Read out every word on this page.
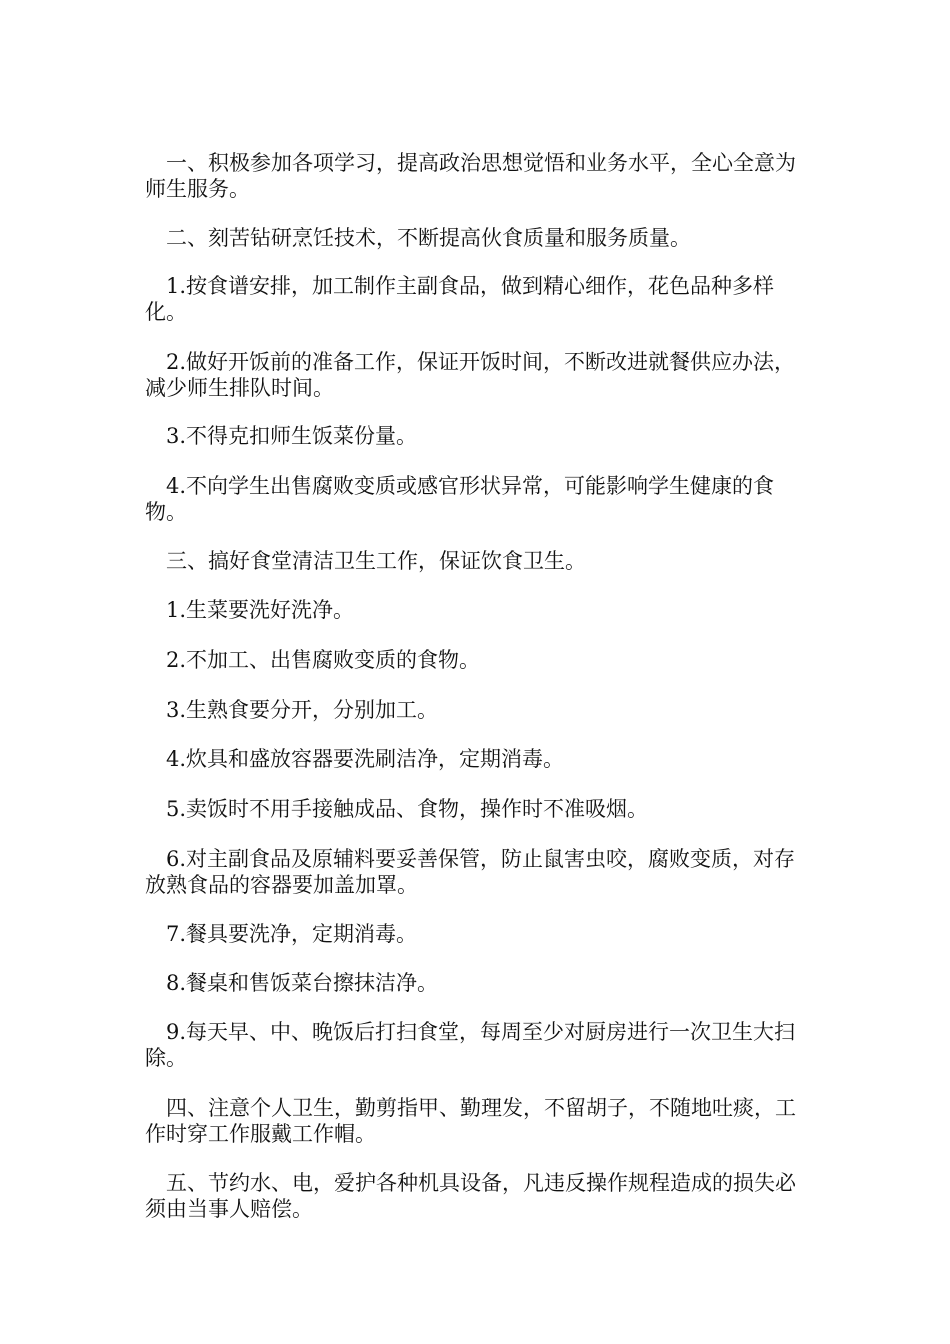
一、积极参加各项学习，提高政治思想觉悟和业务水平，全心全意为师生服务。

二、刻苦钻研烹饪技术，不断提高伙食质量和服务质量。

1.按食谱安排，加工制作主副食品，做到精心细作，花色品种多样化。

2.做好开饭前的准备工作，保证开饭时间，不断改进就餐供应办法，减少师生排队时间。

3.不得克扣师生饭菜份量。

4.不向学生出售腐败变质或感官形状异常，可能影响学生健康的食物。

三、搞好食堂清洁卫生工作，保证饮食卫生。

1.生菜要洗好洗净。

2.不加工、出售腐败变质的食物。

3.生熟食要分开，分别加工。

4.炊具和盛放容器要洗刷洁净，定期消毒。

5.卖饭时不用手接触成品、食物，操作时不准吸烟。

6.对主副食品及原辅料要妥善保管，防止鼠害虫咬，腐败变质，对存放熟食品的容器要加盖加罩。

7.餐具要洗净，定期消毒。

8.餐桌和售饭菜台擦抹洁净。

9.每天早、中、晚饭后打扫食堂，每周至少对厨房进行一次卫生大扫除。

四、注意个人卫生，勤剪指甲、勤理发，不留胡子，不随地吐痰，工作时穿工作服戴工作帽。

五、节约水、电，爱护各种机具设备，凡违反操作规程造成的损失必须由当事人赔偿。
